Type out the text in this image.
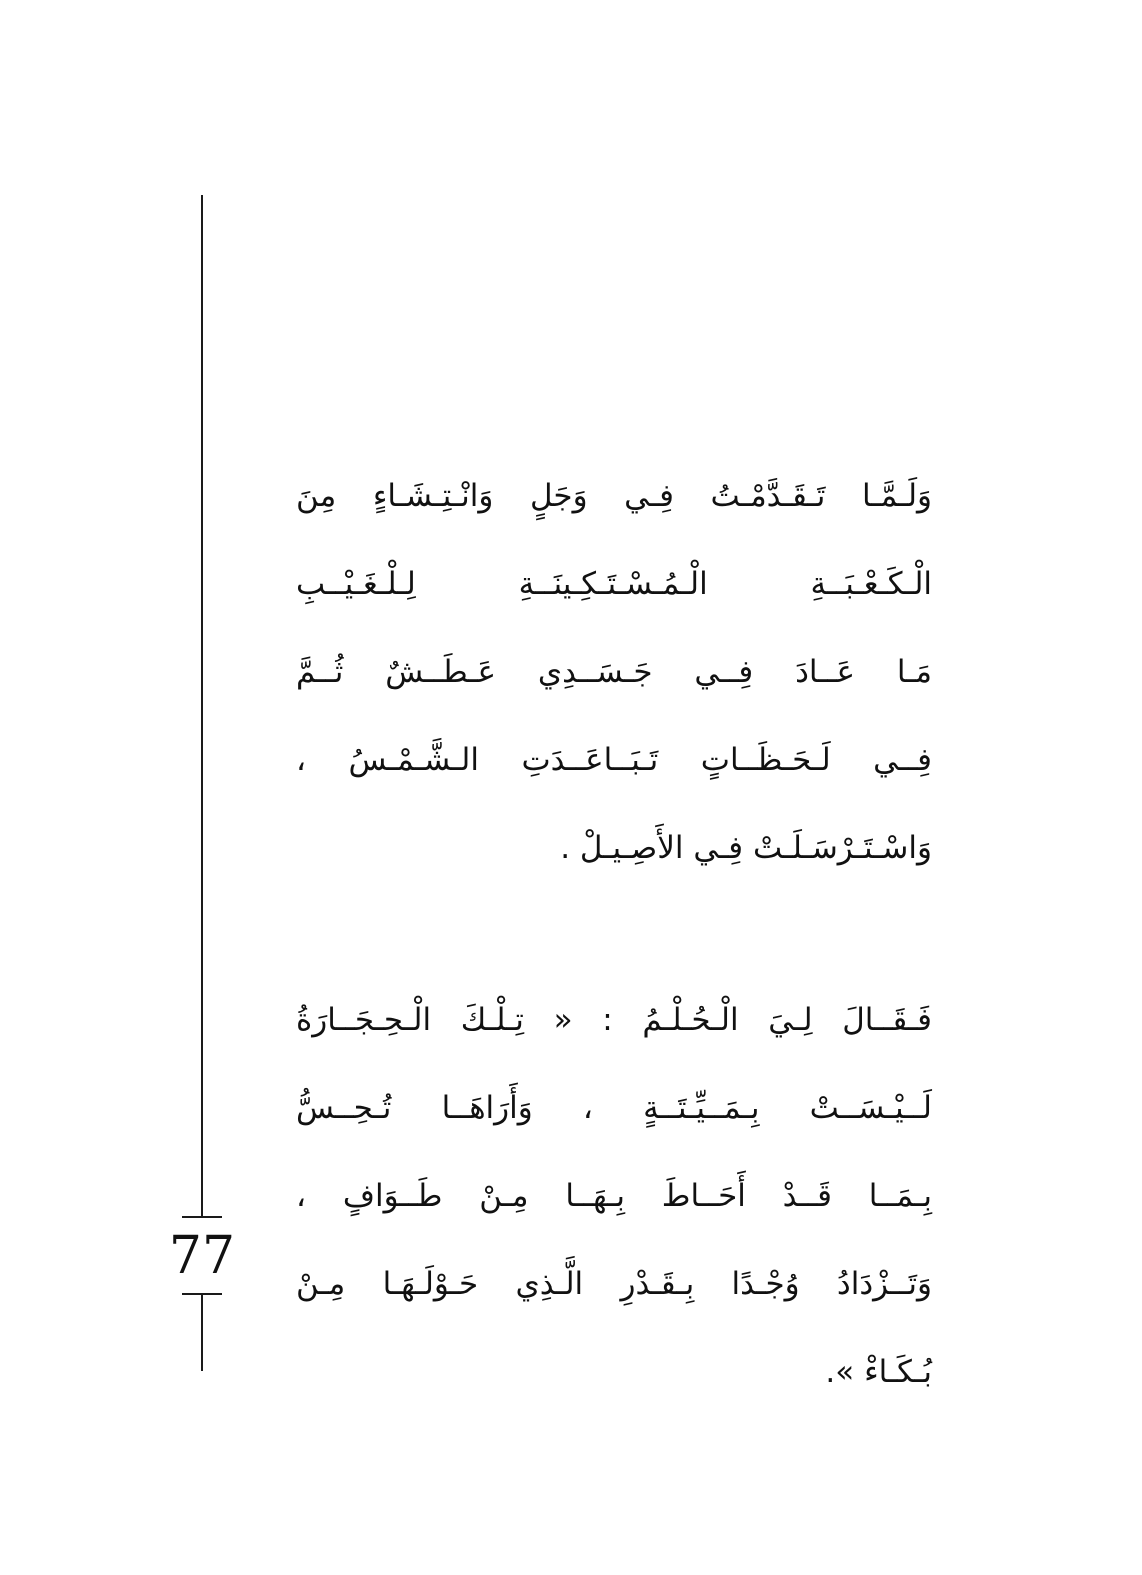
77
وَلَـمَّـا تَـقَـدَّمْـتُ فِـي وَجَلٍ وَانْـتِـشَـاءٍ مِنَ
الْـكَـعْـبَــةِ الْـمُـسْـتَـكِـينَــةِ لِـلْـغَـيْــبِ
مَـا عَــادَ فِــي جَـسَــدِي عَـطَــشٌ ثُــمَّ
فِــي لَـحَـظَــاتٍ تَـبَــاعَــدَتِ الـشَّـمْـسُ ،
وَاسْـتَـرْسَـلَـتْ فِـي الأَصِـيـلْ .
فَـقَــالَ لِـيَ الْـحُـلْـمُ : « تِـلْـكَ الْـحِـجَــارَةُ
لَــيْـسَــتْ بِـمَــيِّـتَــةٍ ، وَأَرَاهَــا تُـحِــسُّ
بِـمَــا قَــدْ أَحَــاطَ بِـهَــا مِـنْ طَــوَافٍ ،
وَتَــزْدَادُ وُجْـدًا بِـقَـدْرِ الَّـذِي حَـوْلَـهَـا مِـنْ
بُـكَـاءْ ».
